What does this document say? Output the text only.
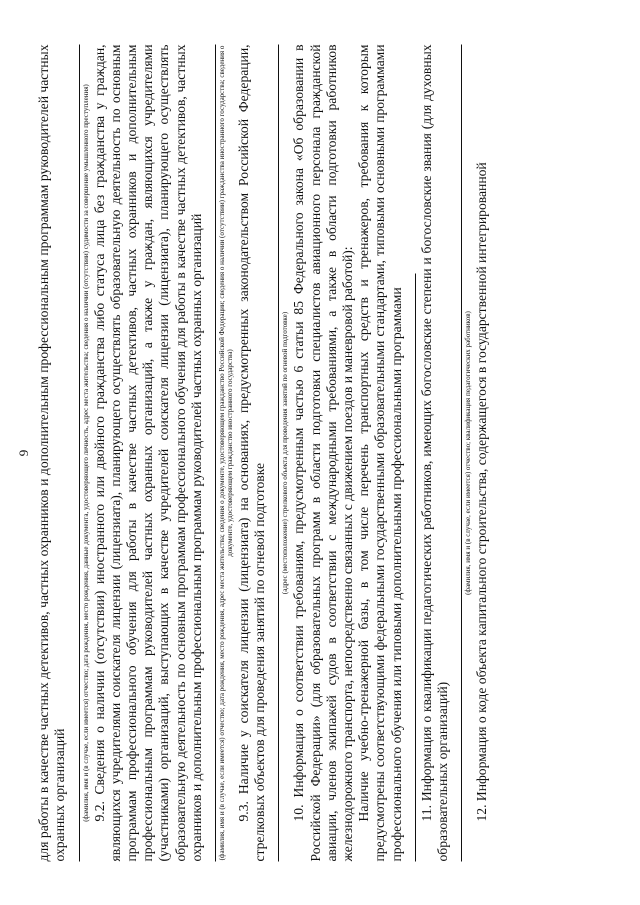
9 для работы в качестве частных детективов, частных охранников и дополнительным профессиональным программам руководителей частных охранных организаций (фамилия, имя и (в случае, если имеется) отчество; дата рождения, место рождения, данные документа, удостоверяющего личность, адрес места жительства; сведения о наличии (отсутствии) судимости за совершение умышленного преступления) 9.2. Сведения о наличии (отсутствии) иностранного или двойного гражданства либо статуса лица без гражданства у граждан, являющихся учредителями соискателя лицензии (лицензиата), планирующего осуществлять образовательную деятельность по основным программам профессионального обучения для работы в качестве частных детективов, частных охранников и дополнительным профессиональным программам руководителей частных охранных организаций, а также у граждан, являющихся учредителями (участниками) организаций, выступающих в качестве учредителей соискателя лицензии (лицензиата), планирующего осуществлять образовательную деятельность по основным программам профессионального обучения для работы в качестве частных детективов, частных охранников и дополнительным профессиональным программам руководителей частных охранных организаций (фамилия, имя и (в случае, если имеется) отчество; дата рождения, место рождения, адрес места жительства; сведения о документе, удостоверяющем гражданство Российской Федерации; сведения о наличии (отсутствии) гражданства иностранного государства; сведения о документе, удостоверяющем гражданство иностранного государства) 9.3. Наличие у соискателя лицензии (лицензиата) на основаниях, предусмотренных законодательством Российской Федерации, стрелковых объектов для проведения занятий по огневой подготовке

(адрес (местоположение) стрелкового объекта для проведения занятий по огневой подготовке) 10. Информация о соответствии требованиям, предусмотренным частью 6 статьи 85 Федерального закона «Об образовании в Российской Федерации» (для образовательных программ в области подготовки специалистов авиационного персонала гражданской авиации, членов экипажей судов в соответствии с международными требованиями, а также в области подготовки работников железнодорожного транспорта, непосредственно связанных с движением поездов и маневровой работой): Наличие учебно-тренажерной базы, в том числе перечень транспортных средств и тренажеров, требования к которым предусмотрены соответствующими федеральными государственными образовательными стандартами, типовыми основными программами профессионального обучения или типовыми дополнительными профессиональными программами 11. Информация о квалификации педагогических работников, имеющих богословские степени и богословские звания (для духовных образовательных организаций)

(фамилия, имя и (в случае, если имеется) отчество; квалификация педагогических работников) 12. Информация о коде объекта капитального строительства, содержащегося в государственной интегрированной
